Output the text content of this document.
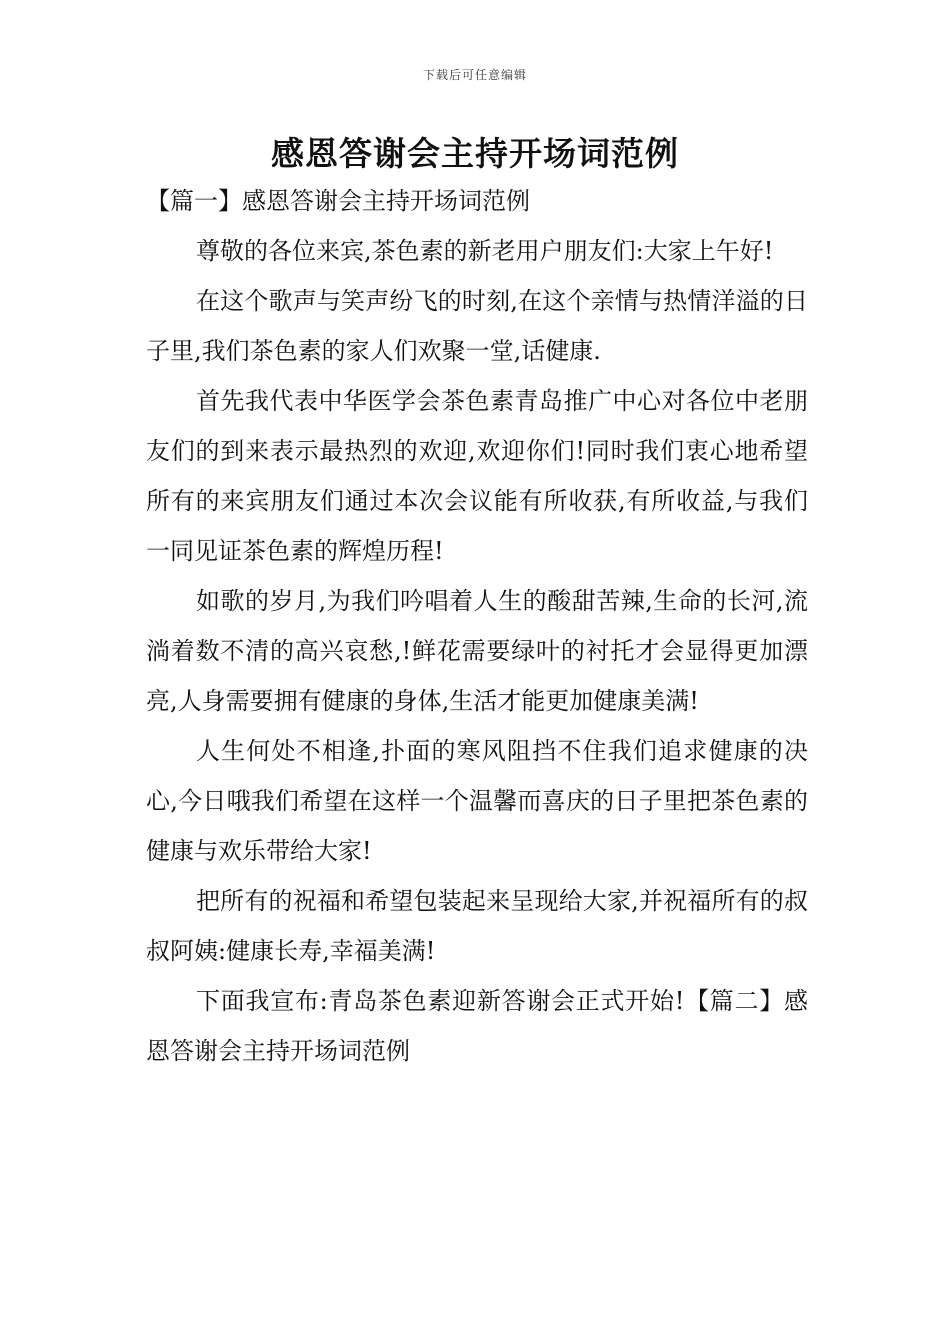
下载后可任意编辑
感恩答谢会主持开场词范例
【篇一】感恩答谢会主持开场词范例

尊敬的各位来宾,茶色素的新老用户朋友们:大家上午好!

在这个歌声与笑声纷飞的时刻,在这个亲情与热情洋溢的日子里,我们茶色素的家人们欢聚一堂,话健康.

首先我代表中华医学会茶色素青岛推广中心对各位中老朋友们的到来表示最热烈的欢迎,欢迎你们!同时我们衷心地希望所有的来宾朋友们通过本次会议能有所收获,有所收益,与我们一同见证茶色素的辉煌历程!

如歌的岁月,为我们吟唱着人生的酸甜苦辣,生命的长河,流淌着数不清的高兴哀愁,!鲜花需要绿叶的衬托才会显得更加漂亮,人身需要拥有健康的身体,生活才能更加健康美满!

人生何处不相逢,扑面的寒风阻挡不住我们追求健康的决心,今日哦我们希望在这样一个温馨而喜庆的日子里把茶色素的健康与欢乐带给大家!

把所有的祝福和希望包装起来呈现给大家,并祝福所有的叔叔阿姨:健康长寿,幸福美满!

下面我宣布:青岛茶色素迎新答谢会正式开始!【篇二】感恩答谢会主持开场词范例
